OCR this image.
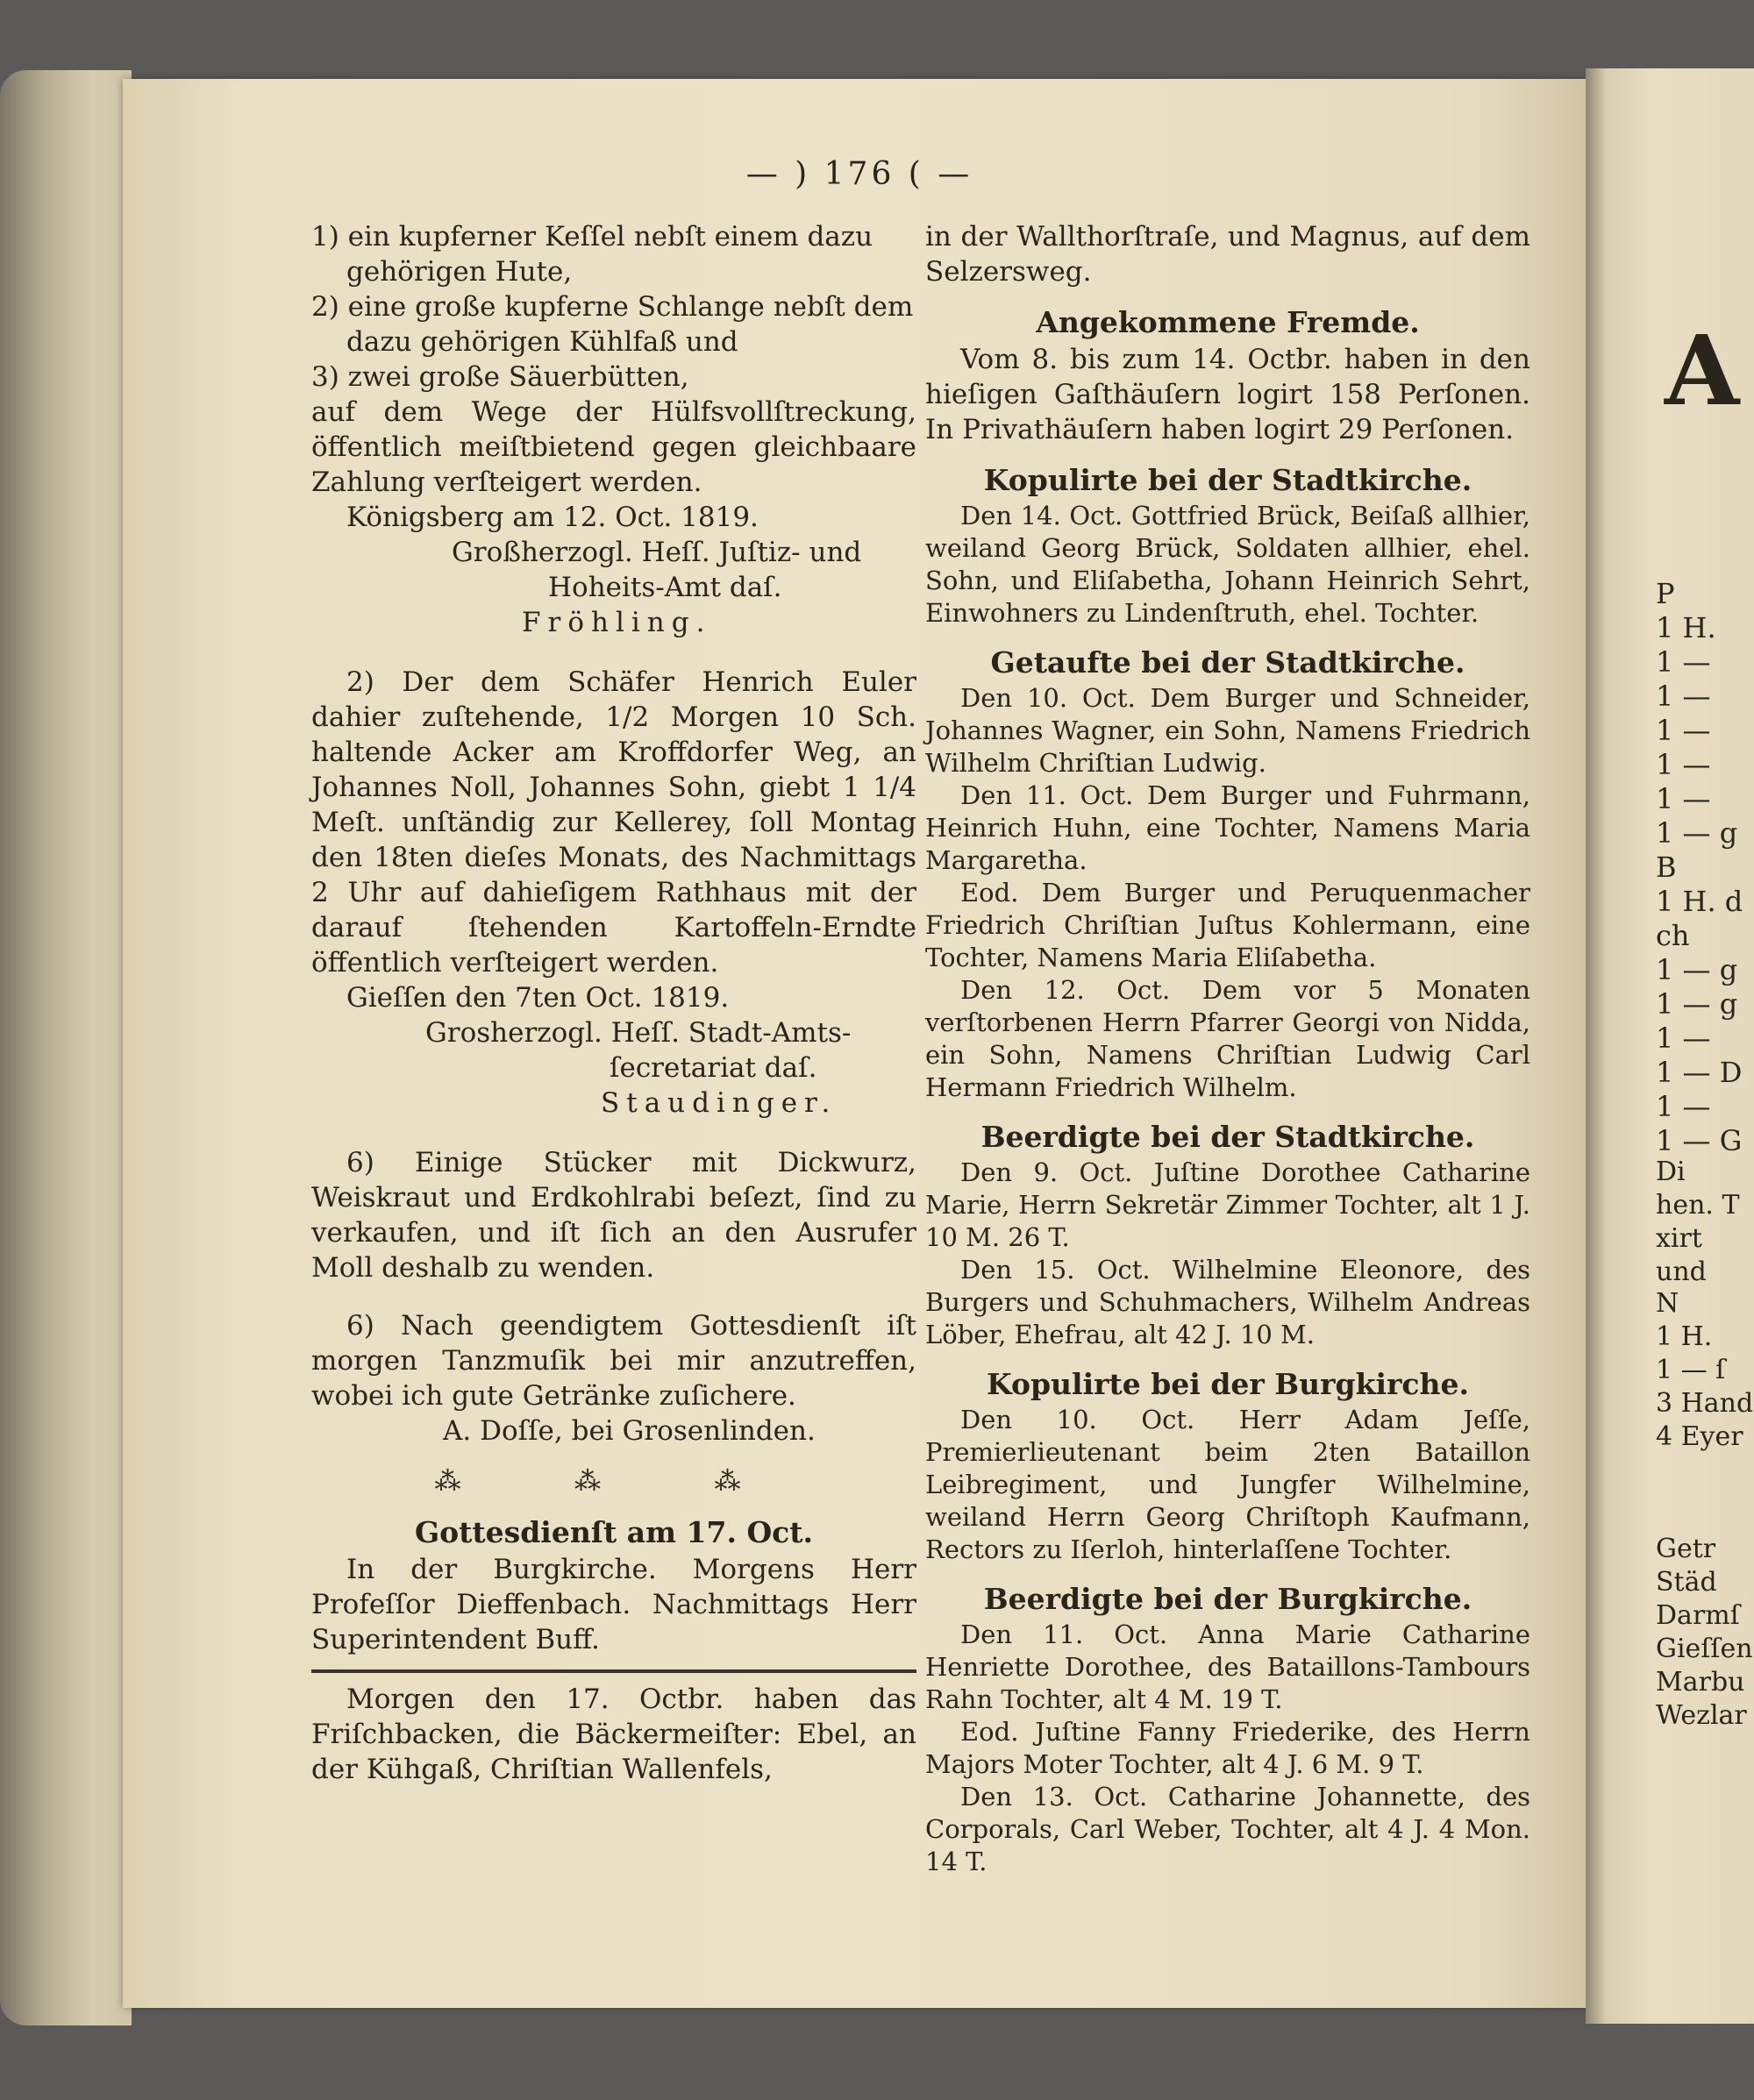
A
P
1 H.
1 —
1 —
1 —
1 —
1 —
1 — g
B
1 H. d
ch
1 — g
1 — g
1 —
1 — D
1 —
1 — G
Di
hen. T
xirt und
N
1 H.
1 — ſ
3 Hand
4 Eyer
Getr
Städ
Darmſ
Gieſſen
Marbu
Wezlar
— ) 176 ( —

1) ein kupferner Keſſel nebſt einem dazu gehörigen Hute,

2) eine große kupferne Schlange nebſt dem dazu gehörigen Kühlfaß und

3) zwei große Säuerbütten,

auf dem Wege der Hülfsvollſtreckung, öffentlich meiſtbietend gegen gleichbaare Zahlung verſteigert werden.

Königsberg am 12. Oct. 1819.

Großherzogl. Heſſ. Juſtiz- und

Hoheits-Amt daſ.

Fröhling.

2) Der dem Schäfer Henrich Euler dahier zuſtehende, 1/2 Morgen 10 Sch. haltende Acker am Kroffdorfer Weg, an Johannes Noll, Johannes Sohn, giebt 1 1/4 Meſt. unſtändig zur Kellerey, ſoll Montag den 18ten dieſes Monats, des Nachmittags 2 Uhr auf dahieſigem Rathhaus mit der darauf ſtehenden Kartoffeln-Erndte öffentlich verſteigert werden.

Gieſſen den 7ten Oct. 1819.

Grosherzogl. Heſſ. Stadt-Amts-

ſecretariat daſ.

Staudinger.

6) Einige Stücker mit Dickwurz, Weiskraut und Erdkohlrabi beſezt, ſind zu verkaufen, und iſt ſich an den Ausrufer Moll deshalb zu wenden.

6) Nach geendigtem Gottesdienſt iſt morgen Tanzmuſik bei mir anzutreffen, wobei ich gute Getränke zuſichere.

A. Doſſe, bei Grosenlinden.

⁂ ⁂ ⁂
Gottesdienſt am 17. Oct.

In der Burgkirche. Morgens Herr Profeſſor Dieffenbach. Nachmittags Herr Superintendent Buff.

Morgen den 17. Octbr. haben das Friſchbacken, die Bäckermeiſter: Ebel, an der Kühgaß, Chriſtian Wallenfels,

in der Wallthorſtraſe, und Magnus, auf dem Selzersweg.

Angekommene Fremde.

Vom 8. bis zum 14. Octbr. haben in den hieſigen Gaſthäuſern logirt 158 Perſonen. In Privathäuſern haben logirt 29 Perſonen.

Kopulirte bei der Stadtkirche.

Den 14. Oct. Gottfried Brück, Beiſaß allhier, weiland Georg Brück, Soldaten allhier, ehel. Sohn, und Eliſabetha, Johann Heinrich Sehrt, Einwohners zu Lindenſtruth, ehel. Tochter.

Getaufte bei der Stadtkirche.

Den 10. Oct. Dem Burger und Schneider, Johannes Wagner, ein Sohn, Namens Friedrich Wilhelm Chriſtian Ludwig.

Den 11. Oct. Dem Burger und Fuhrmann, Heinrich Huhn, eine Tochter, Namens Maria Margaretha.

Eod. Dem Burger und Peruquenmacher Friedrich Chriſtian Juſtus Kohlermann, eine Tochter, Namens Maria Eliſabetha.

Den 12. Oct. Dem vor 5 Monaten verſtorbenen Herrn Pfarrer Georgi von Nidda, ein Sohn, Namens Chriſtian Ludwig Carl Hermann Friedrich Wilhelm.

Beerdigte bei der Stadtkirche.

Den 9. Oct. Juſtine Dorothee Catharine Marie, Herrn Sekretär Zimmer Tochter, alt 1 J. 10 M. 26 T.

Den 15. Oct. Wilhelmine Eleonore, des Burgers und Schuhmachers, Wilhelm Andreas Löber, Ehefrau, alt 42 J. 10 M.

Kopulirte bei der Burgkirche.

Den 10. Oct. Herr Adam Jeſſe, Premierlieutenant beim 2ten Bataillon Leibregiment, und Jungfer Wilhelmine, weiland Herrn Georg Chriſtoph Kaufmann, Rectors zu Iſerloh, hinterlaſſene Tochter.

Beerdigte bei der Burgkirche.

Den 11. Oct. Anna Marie Catharine Henriette Dorothee, des Bataillons-Tambours Rahn Tochter, alt 4 M. 19 T.

Eod. Juſtine Fanny Friederike, des Herrn Majors Moter Tochter, alt 4 J. 6 M. 9 T.

Den 13. Oct. Catharine Johannette, des Corporals, Carl Weber, Tochter, alt 4 J. 4 Mon. 14 T.
